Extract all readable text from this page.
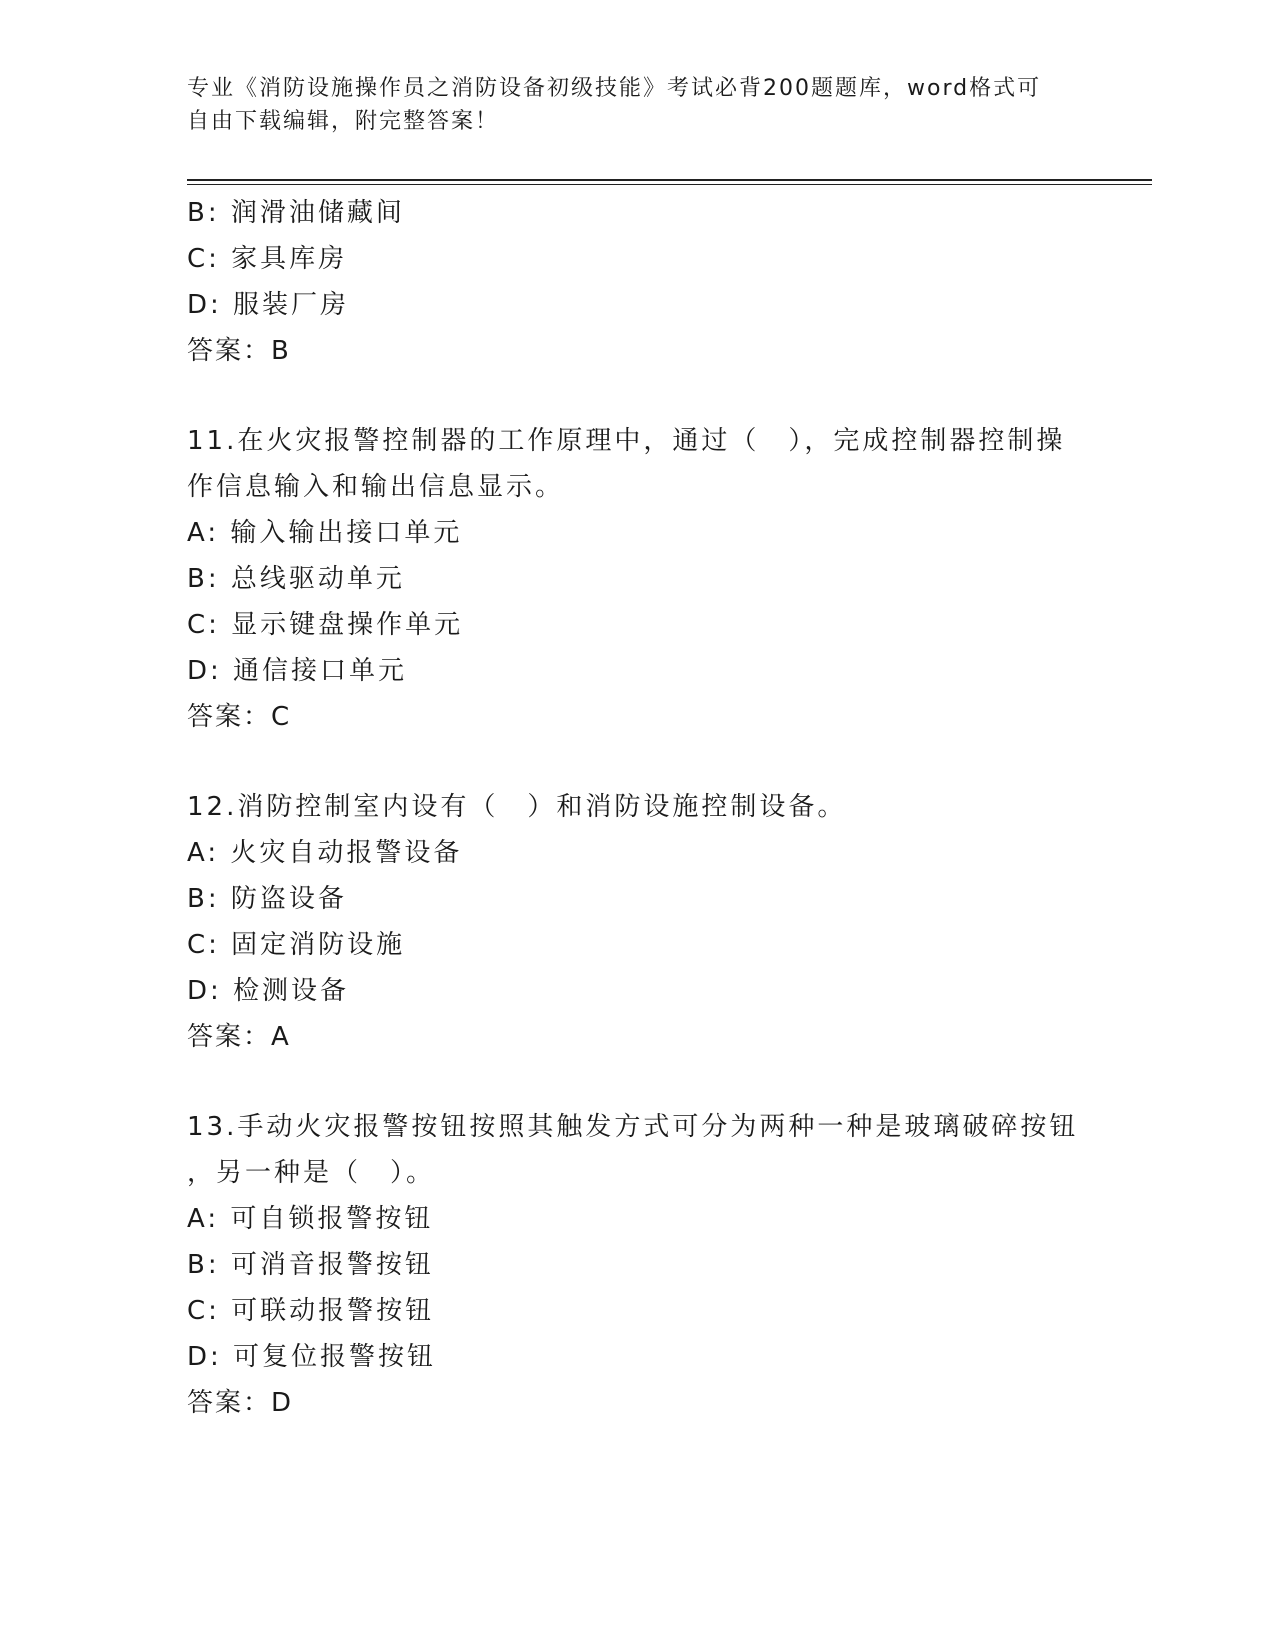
专业《消防设施操作员之消防设备初级技能》考试必背200题题库，word格式可
自由下载编辑，附完整答案！
B: 润滑油储藏间
C: 家具库房
D: 服装厂房
答案：B
11.在火灾报警控制器的工作原理中，通过（　），完成控制器控制操
作信息输入和输出信息显示。
A: 输入输出接口单元
B: 总线驱动单元
C: 显示键盘操作单元
D: 通信接口单元
答案：C
12.消防控制室内设有（　）和消防设施控制设备。
A: 火灾自动报警设备
B: 防盗设备
C: 固定消防设施
D: 检测设备
答案：A
13.手动火灾报警按钮按照其触发方式可分为两种一种是玻璃破碎按钮
，另一种是（　）。
A: 可自锁报警按钮
B: 可消音报警按钮
C: 可联动报警按钮
D: 可复位报警按钮
答案：D
